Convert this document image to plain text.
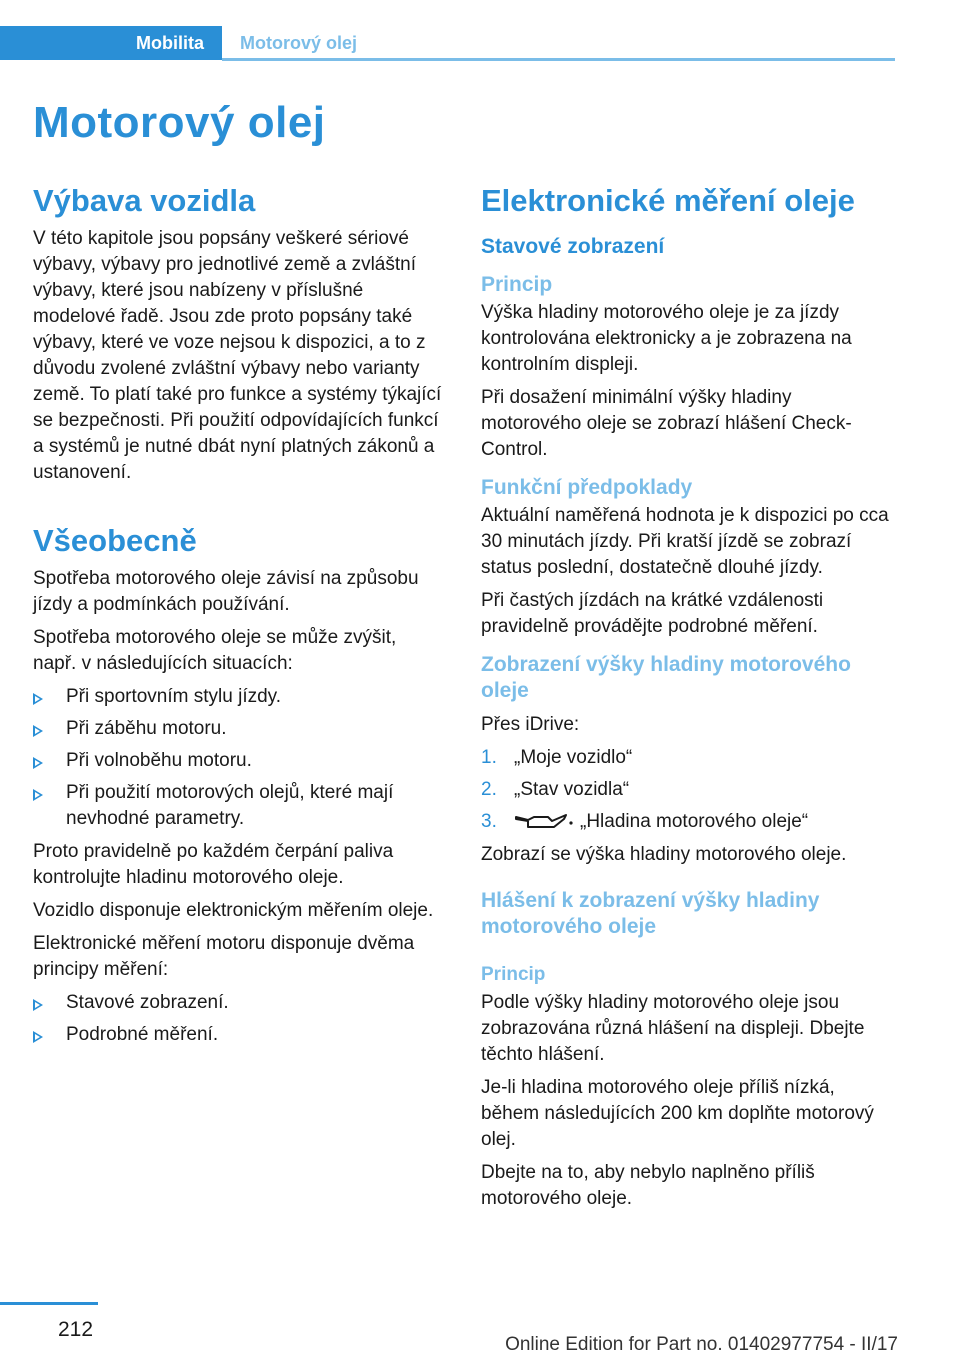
Mobilita Motorový olej
Motorový olej
Výbava vozidla

V této kapitole jsou popsány veškeré sériové výbavy, výbavy pro jednotlivé země a zvláštní výbavy, které jsou nabízeny v příslušné modelové řadě. Jsou zde proto popsány také výbavy, které ve voze nejsou k dispozici, a to z důvodu zvolené zvláštní výbavy nebo varianty země. To platí také pro funkce a systémy týkající se bezpečnosti. Při použití odpovídajících funkcí a systémů je nutné dbát nyní platných zákonů a ustanovení.

Všeobecně

Spotřeba motorového oleje závisí na způsobu jízdy a podmínkách používání.

Spotřeba motorového oleje se může zvýšit, např. v následujících situacích:

Při sportovním stylu jízdy.
Při záběhu motoru.
Při volnoběhu motoru.
Při použití motorových olejů, které mají nevhodné parametry.

Proto pravidelně po každém čerpání paliva kontrolujte hladinu motorového oleje.

Vozidlo disponuje elektronickým měřením oleje.

Elektronické měření motoru disponuje dvěma principy měření:

Stavové zobrazení.
Podrobné měření.
Elektronické měření oleje
Stavové zobrazení
Princip

Výška hladiny motorového oleje je za jízdy kontrolována elektronicky a je zobrazena na kontrolním displeji.

Při dosažení minimální výšky hladiny motorového oleje se zobrazí hlášení Check-Control.

Funkční předpoklady

Aktuální naměřená hodnota je k dispozici po cca 30 minutách jízdy. Při kratší jízdě se zobrazí status poslední, dostatečně dlouhé jízdy.

Při častých jízdách na krátké vzdálenosti pravidelně provádějte podrobné měření.

Zobrazení výšky hladiny motorového oleje

Přes iDrive:

1. „Moje vozidlo“
2. „Stav vozidla“
3.	„Hladina motorového oleje“

Zobrazí se výška hladiny motorového oleje.

Hlášení k zobrazení výšky hladiny motorového oleje
Princip

Podle výšky hladiny motorového oleje jsou zobrazována různá hlášení na displeji. Dbejte těchto hlášení.

Je-li hladina motorového oleje příliš nízká, během následujících 200 km doplňte motorový olej.

Dbejte na to, aby nebylo naplněno příliš motorového oleje.

212
Online Edition for Part no. 01402977754 - II/17
